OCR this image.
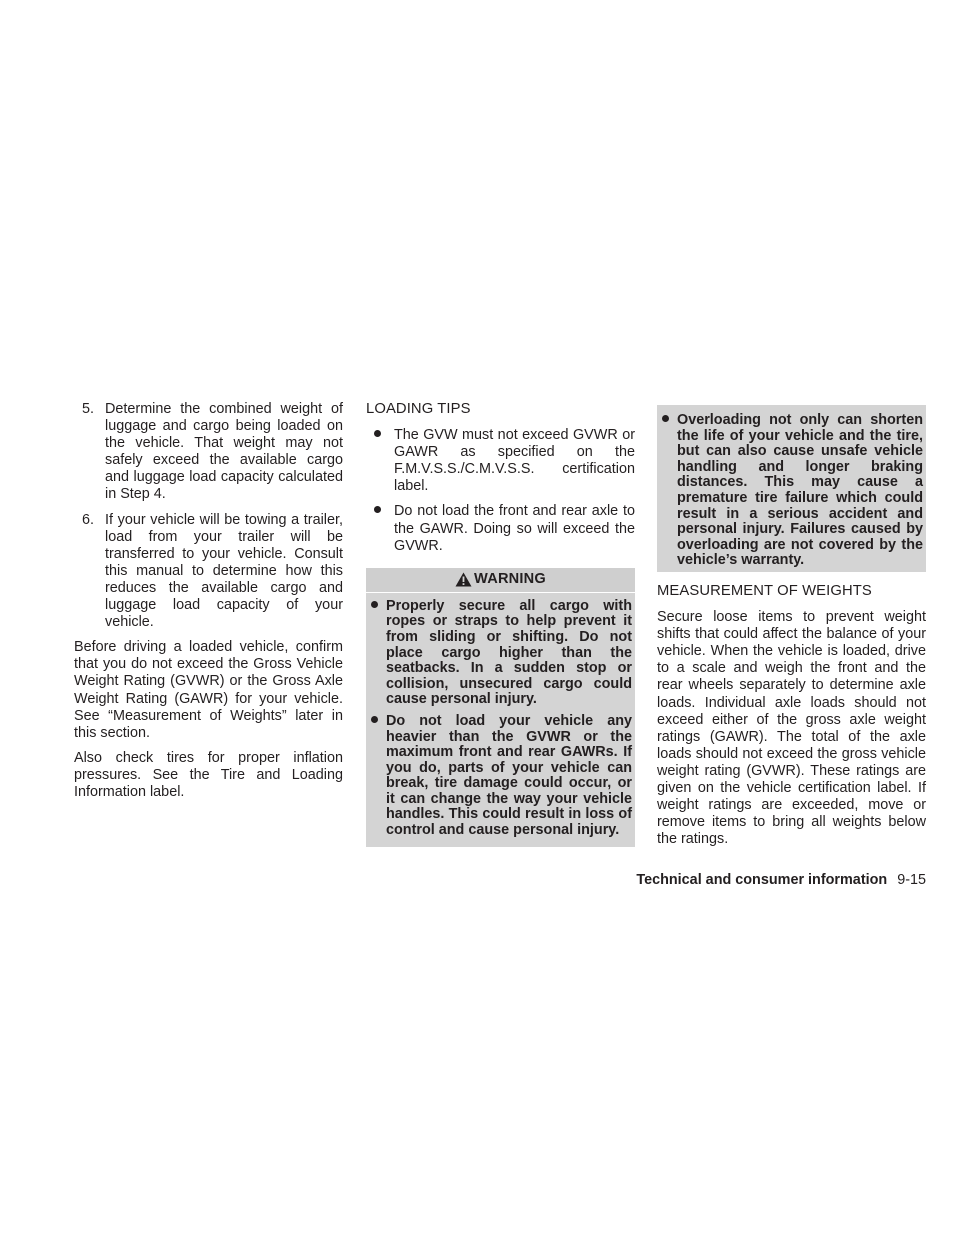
5. Determine the combined weight of luggage and cargo being loaded on the vehicle. That weight may not safely exceed the available cargo and luggage load capacity calculated in Step 4.
6. If your vehicle will be towing a trailer, load from your trailer will be transferred to your vehicle. Consult this manual to determine how this reduces the available cargo and luggage load capacity of your vehicle.

Before driving a loaded vehicle, confirm that you do not exceed the Gross Vehicle Weight Rating (GVWR) or the Gross Axle Weight Rating (GAWR) for your vehicle. See “Measurement of Weights” later in this section.

Also check tires for proper inflation pressures. See the Tire and Loading Information label.

LOADING TIPS
The GVW must not exceed GVWR or GAWR as specified on the F.M.V.S.S./C.M.V.S.S. certification label.
Do not load the front and rear axle to the GAWR. Doing so will exceed the GVWR.
WARNING
Properly secure all cargo with ropes or straps to help prevent it from sliding or shifting. Do not place cargo higher than the seatbacks. In a sudden stop or collision, unsecured cargo could cause personal injury.
Do not load your vehicle any heavier than the GVWR or the maximum front and rear GAWRs. If you do, parts of your vehicle can break, tire damage could occur, or it can change the way your vehicle handles. This could result in loss of control and cause personal injury.
Overloading not only can shorten the life of your vehicle and the tire, but can also cause unsafe vehicle handling and longer braking distances. This may cause a premature tire failure which could result in a serious accident and personal injury. Failures caused by overloading are not covered by the vehicle’s warranty.
MEASUREMENT OF WEIGHTS

Secure loose items to prevent weight shifts that could affect the balance of your vehicle. When the vehicle is loaded, drive to a scale and weigh the front and the rear wheels separately to determine axle loads. Individual axle loads should not exceed either of the gross axle weight ratings (GAWR). The total of the axle loads should not exceed the gross vehicle weight rating (GVWR). These ratings are given on the vehicle certification label. If weight ratings are exceeded, move or remove items to bring all weights below the ratings.

Technical and consumer information 9-15
